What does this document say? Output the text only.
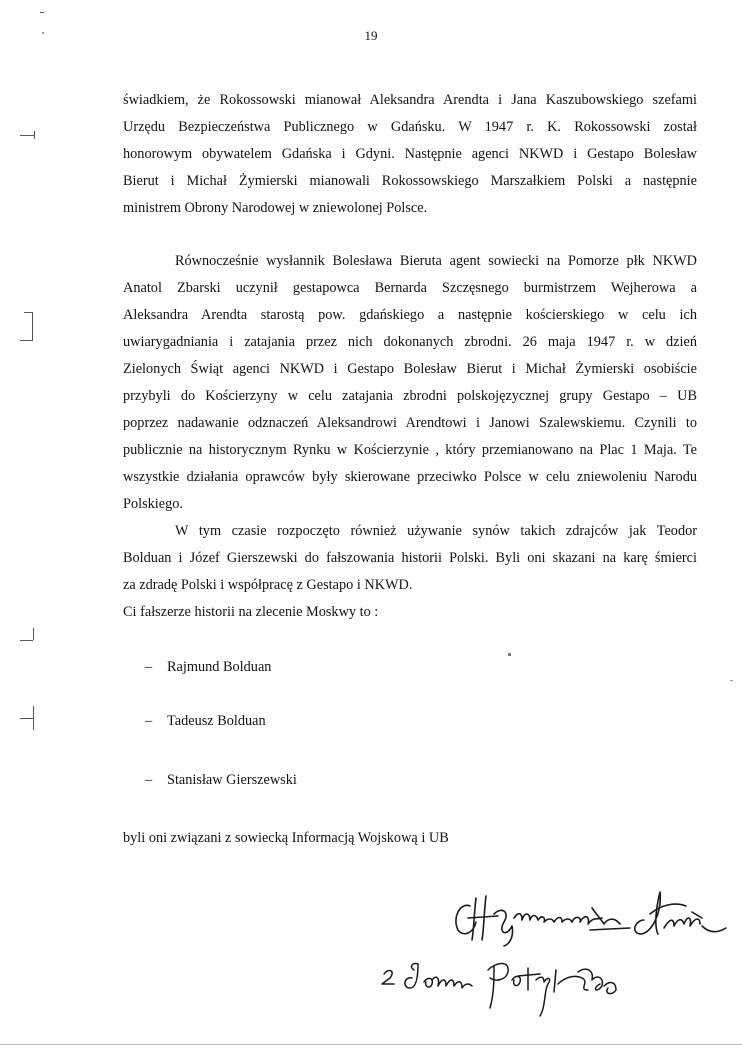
19
świadkiem, że Rokossowski mianował Aleksandra Arendta i Jana Kaszubowskiego szefami
Urzędu Bezpieczeństwa Publicznego w Gdańsku. W 1947 r. K. Rokossowski został
honorowym obywatelem Gdańska i Gdyni. Następnie agenci NKWD i Gestapo Bolesław
Bierut i Michał Żymierski mianowali Rokossowskiego Marszałkiem Polski a następnie
ministrem Obrony Narodowej w zniewolonej Polsce.
Równocześnie wysłannik Bolesława Bieruta agent sowiecki na Pomorze płk NKWD
Anatol Zbarski uczynił gestapowca Bernarda Szczęsnego burmistrzem Wejherowa a
Aleksandra Arendta starostą pow. gdańskiego a następnie kościerskiego w celu ich
uwiarygadniania i zatajania przez nich dokonanych zbrodni. 26 maja 1947 r. w dzień
Zielonych Świąt agenci NKWD i Gestapo Bolesław Bierut i Michał Żymierski osobiście
przybyli do Kościerzyny w celu zatajania zbrodni polskojęzycznej grupy Gestapo – UB
poprzez nadawanie odznaczeń Aleksandrowi Arendtowi i Janowi Szalewskiemu. Czynili to
publicznie na historycznym Rynku w Kościerzynie , który przemianowano na Plac 1 Maja. Te
wszystkie działania oprawców były skierowane przeciwko Polsce w celu zniewoleniu Narodu
Polskiego.
W tym czasie rozpoczęto również używanie synów takich zdrajców jak Teodor
Bolduan i Józef Gierszewski do fałszowania historii Polski. Byli oni skazani na karę śmierci
za zdradę Polski i współpracę z Gestapo i NKWD.
Ci fałszerze historii na zlecenie Moskwy to :
– Rajmund Bolduan
– Tadeusz Bolduan
– Stanisław Gierszewski
byli oni związani z sowiecką Informacją Wojskową i UB
